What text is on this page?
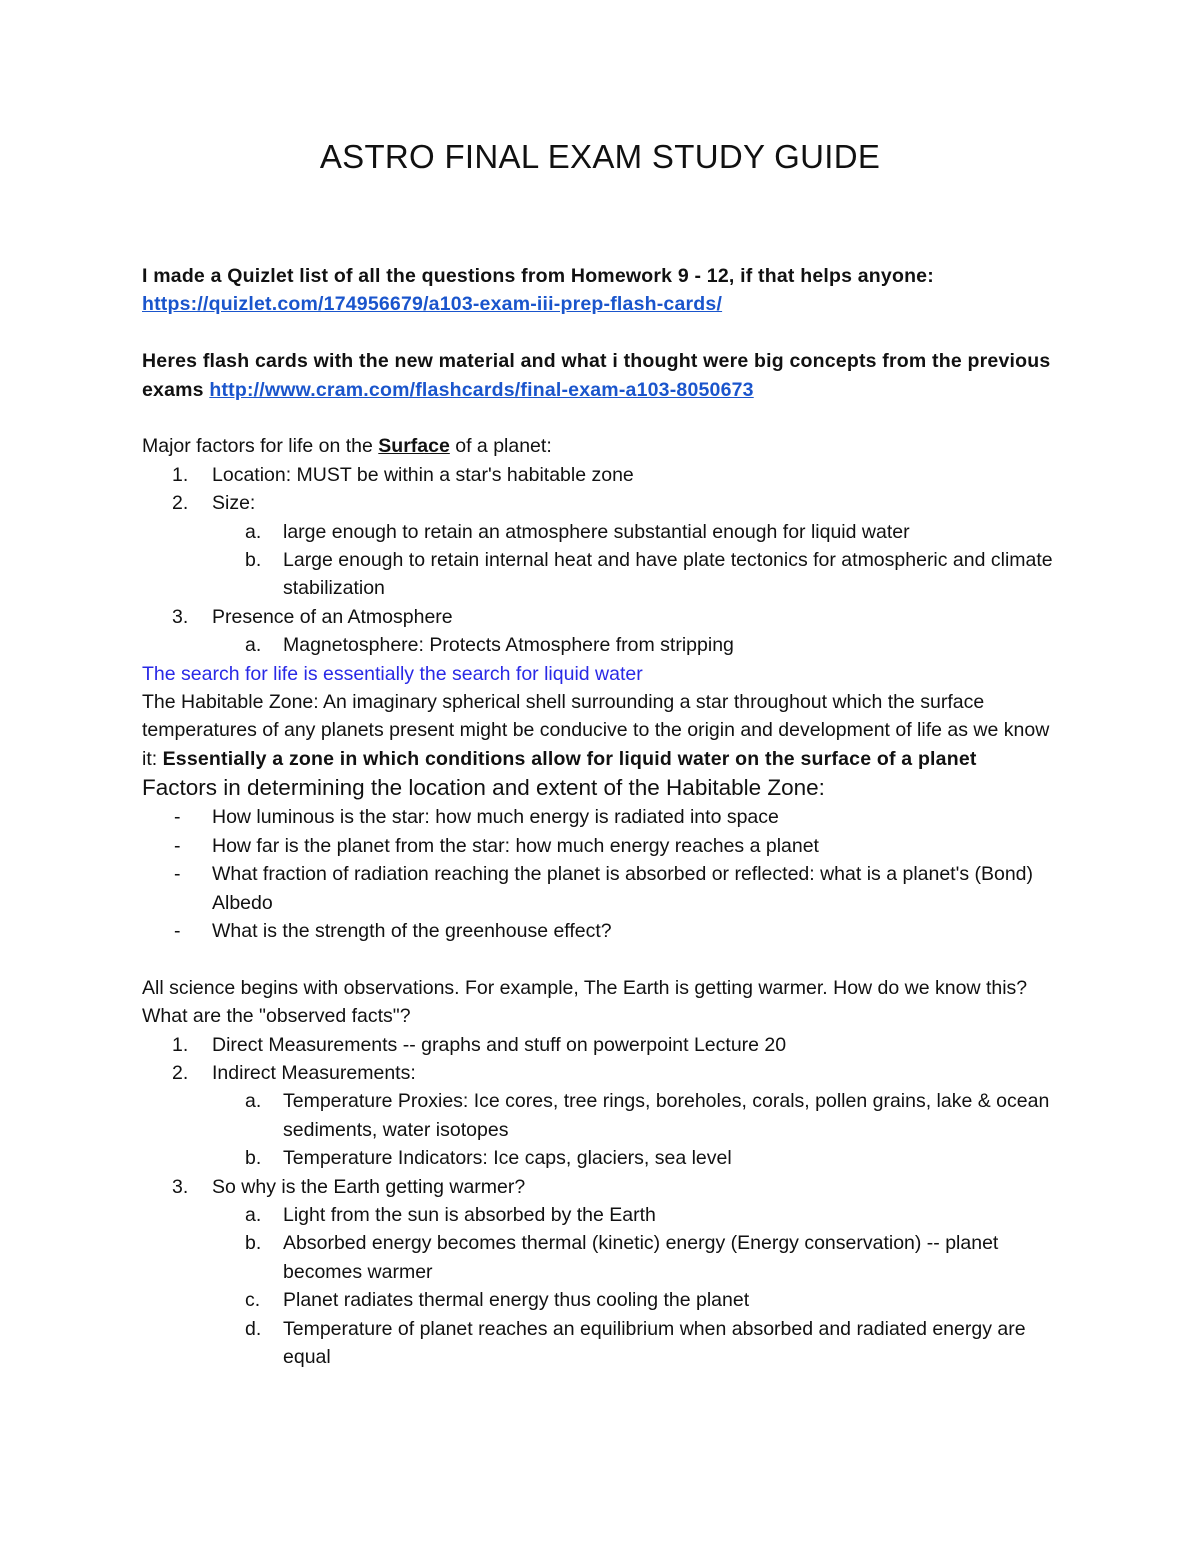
ASTRO FINAL EXAM STUDY GUIDE

I made a Quizlet list of all the questions from Homework 9 - 12, if that helps anyone:

https://quizlet.com/174956679/a103-exam-iii-prep-flash-cards/

Heres flash cards with the new material and what i thought were big concepts from the previous exams http://www.cram.com/flashcards/final-exam-a103-8050673

Major factors for life on the Surface of a planet:

1.	Location: MUST be within a star's habitable zone
2.	Size:
a.	large enough to retain an atmosphere substantial enough for liquid water
b.	Large enough to retain internal heat and have plate tectonics for atmospheric and climate stabilization
3.	Presence of an Atmosphere
a.	Magnetosphere: Protects Atmosphere from stripping

The search for life is essentially the search for liquid water

The Habitable Zone: An imaginary spherical shell surrounding a star throughout which the surface temperatures of any planets present might be conducive to the origin and development of life as we know it: Essentially a zone in which conditions allow for liquid water on the surface of a planet

Factors in determining the location and extent of the Habitable Zone:

- How luminous is the star: how much energy is radiated into space
- How far is the planet from the star: how much energy reaches a planet
- What fraction of radiation reaching the planet is absorbed or reflected: what is a planet's (Bond) Albedo
- What is the strength of the greenhouse effect?

All science begins with observations. For example, The Earth is getting warmer. How do we know this? What are the "observed facts"?

1.	Direct Measurements -- graphs and stuff on powerpoint Lecture 20
2.	Indirect Measurements:
a.	Temperature Proxies: Ice cores, tree rings, boreholes, corals, pollen grains, lake & ocean sediments, water isotopes
b.	Temperature Indicators: Ice caps, glaciers, sea level
3.	So why is the Earth getting warmer?
a.	Light from the sun is absorbed by the Earth
b.	Absorbed energy becomes thermal (kinetic) energy (Energy conservation) -- planet becomes warmer
c.	Planet radiates thermal energy thus cooling the planet
d.	Temperature of planet reaches an equilibrium when absorbed and radiated energy are equal
